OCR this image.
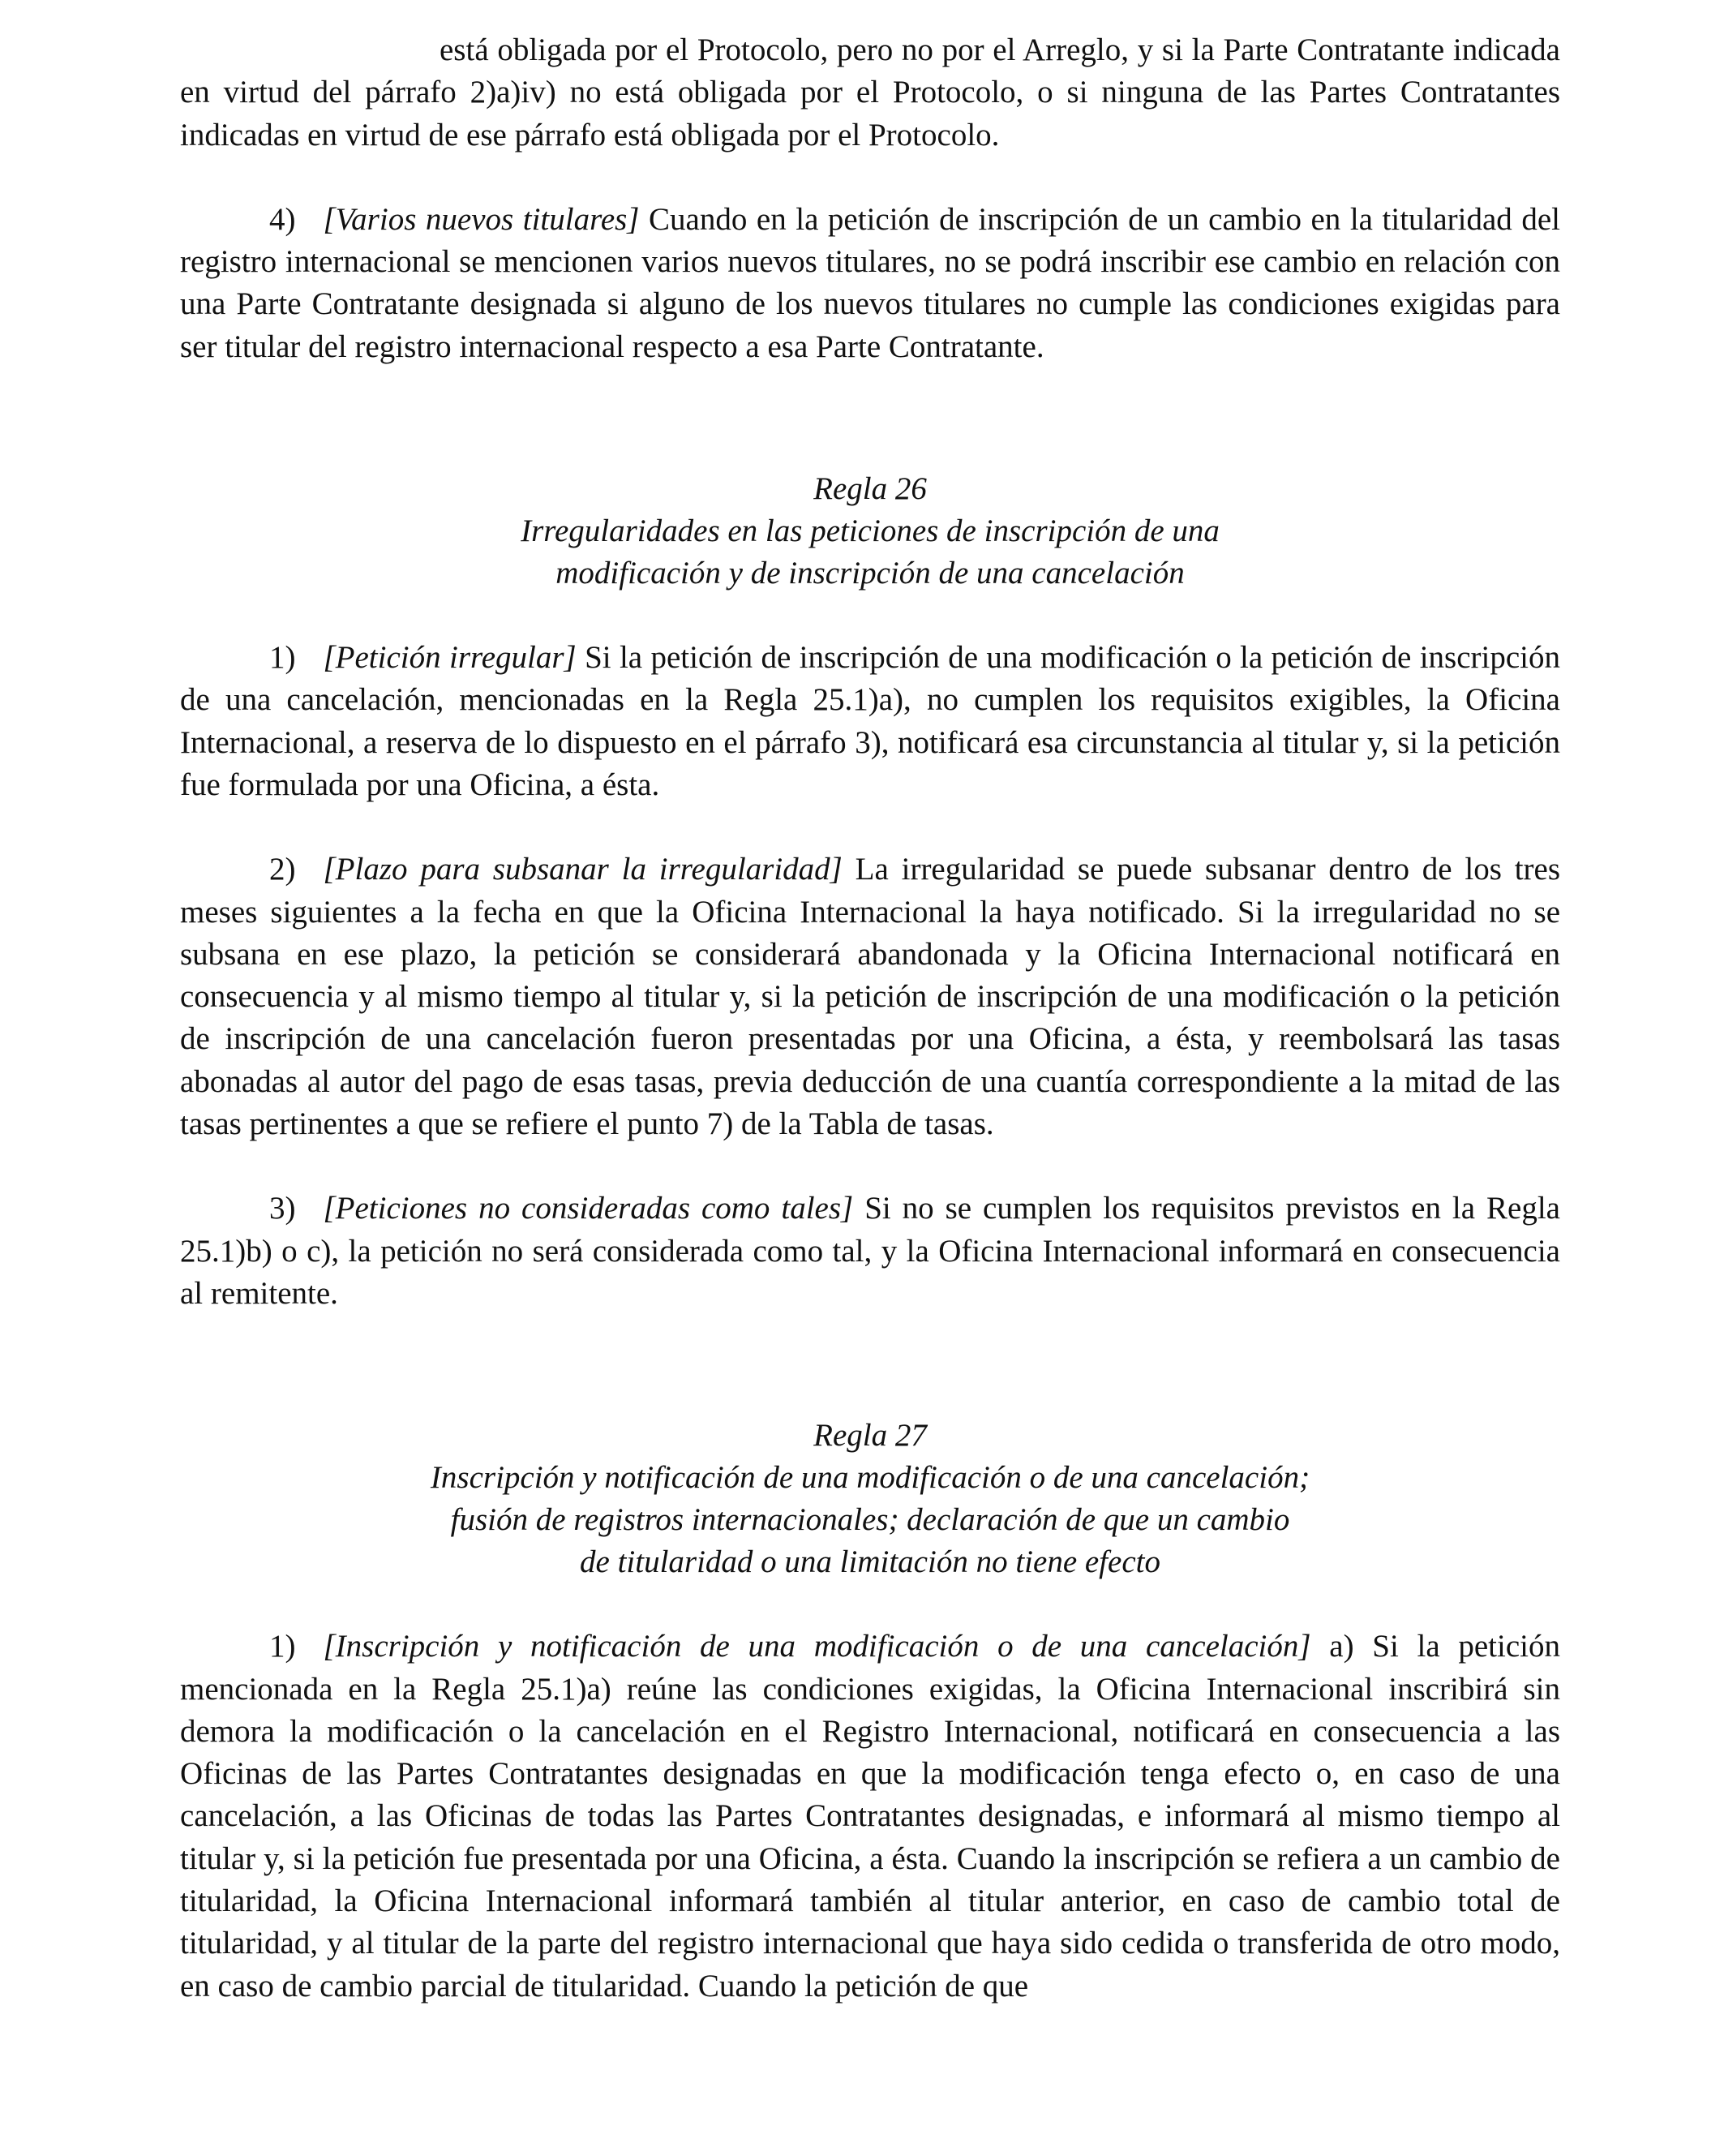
está obligada por el Protocolo, pero no por el Arreglo, y si la Parte Contratante indicada en virtud del párrafo 2)a)iv) no está obligada por el Protocolo, o si ninguna de las Partes Contratantes indicadas en virtud de ese párrafo está obligada por el Protocolo.

4) [Varios nuevos titulares] Cuando en la petición de inscripción de un cambio en la titularidad del registro internacional se mencionen varios nuevos titulares, no se podrá inscribir ese cambio en relación con una Parte Contratante designada si alguno de los nuevos titulares no cumple las condiciones exigidas para ser titular del registro internacional respecto a esa Parte Contratante.

Regla 26
Irregularidades en las peticiones de inscripción de una
modificación y de inscripción de una cancelación

1) [Petición irregular] Si la petición de inscripción de una modificación o la petición de inscripción de una cancelación, mencionadas en la Regla 25.1)a), no cumplen los requisitos exigibles, la Oficina Internacional, a reserva de lo dispuesto en el párrafo 3), notificará esa circunstancia al titular y, si la petición fue formulada por una Oficina, a ésta.

2) [Plazo para subsanar la irregularidad] La irregularidad se puede subsanar dentro de los tres meses siguientes a la fecha en que la Oficina Internacional la haya notificado. Si la irregularidad no se subsana en ese plazo, la petición se considerará abandonada y la Oficina Internacional notificará en consecuencia y al mismo tiempo al titular y, si la petición de inscripción de una modificación o la petición de inscripción de una cancelación fueron presentadas por una Oficina, a ésta, y reembolsará las tasas abonadas al autor del pago de esas tasas, previa deducción de una cuantía correspondiente a la mitad de las tasas pertinentes a que se refiere el punto 7) de la Tabla de tasas.

3) [Peticiones no consideradas como tales] Si no se cumplen los requisitos previstos en la Regla 25.1)b) o c), la petición no será considerada como tal, y la Oficina Internacional informará en consecuencia al remitente.

Regla 27
Inscripción y notificación de una modificación o de una cancelación;
fusión de registros internacionales; declaración de que un cambio
de titularidad o una limitación no tiene efecto

1) [Inscripción y notificación de una modificación o de una cancelación] a) Si la petición mencionada en la Regla 25.1)a) reúne las condiciones exigidas, la Oficina Internacional inscribirá sin demora la modificación o la cancelación en el Registro Internacional, notificará en consecuencia a las Oficinas de las Partes Contratantes designadas en que la modificación tenga efecto o, en caso de una cancelación, a las Oficinas de todas las Partes Contratantes designadas, e informará al mismo tiempo al titular y, si la petición fue presentada por una Oficina, a ésta. Cuando la inscripción se refiera a un cambio de titularidad, la Oficina Internacional informará también al titular anterior, en caso de cambio total de titularidad, y al titular de la parte del registro internacional que haya sido cedida o transferida de otro modo, en caso de cambio parcial de titularidad. Cuando la petición de que
